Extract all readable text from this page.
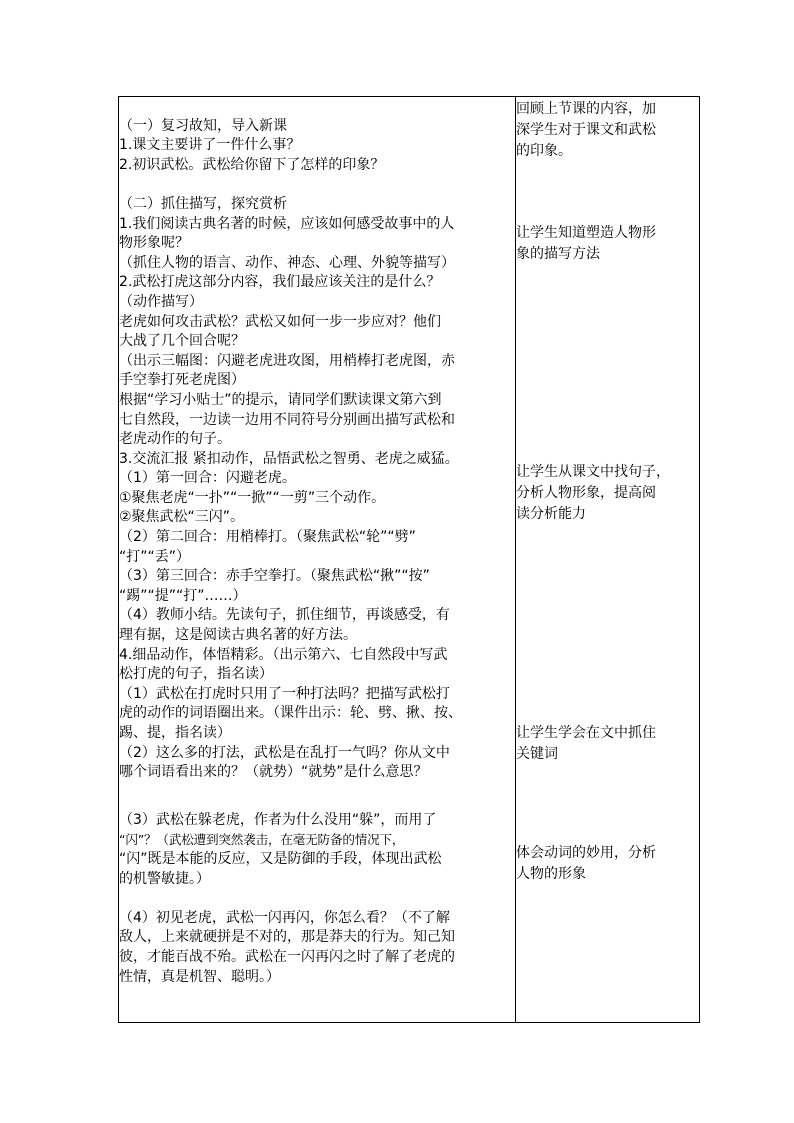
（一）复习故知，导入新课
1.课文主要讲了一件什么事？
2.初识武松。武松给你留下了怎样的印象？
（二）抓住描写，探究赏析
1.我们阅读古典名著的时候，应该如何感受故事中的人
物形象呢？
（抓住人物的语言、动作、神态、心理、外貌等描写）
2.武松打虎这部分内容，我们最应该关注的是什么？
（动作描写）
老虎如何攻击武松？武松又如何一步一步应对？他们
大战了几个回合呢？
（出示三幅图：闪避老虎进攻图，用梢棒打老虎图，赤
手空拳打死老虎图）
根据“学习小贴士”的提示，请同学们默读课文第六到
七自然段，一边读一边用不同符号分别画出描写武松和
老虎动作的句子。
3.交流汇报 紧扣动作，品悟武松之智勇、老虎之威猛。
（1）第一回合：闪避老虎。
①聚焦老虎“一扑”“一掀”“一剪”三个动作。
②聚焦武松“三闪”。
（2）第二回合：用梢棒打。（聚焦武松“轮”“劈”
“打”“丢”）
（3）第三回合：赤手空拳打。（聚焦武松“揪”“按”
“踢”“提”“打”……）
（4）教师小结。先读句子，抓住细节，再谈感受，有
理有据，这是阅读古典名著的好方法。
4.细品动作，体悟精彩。（出示第六、七自然段中写武
松打虎的句子，指名读）
（1）武松在打虎时只用了一种打法吗？把描写武松打
虎的动作的词语圈出来。（课件出示：轮、劈、揪、按、
踢、提，指名读）
（2）这么多的打法，武松是在乱打一气吗？你从文中
哪个词语看出来的？（就势）“就势”是什么意思？
（3）武松在躲老虎，作者为什么没用“躲”，而用了
“闪”？（武松遭到突然袭击，在毫无防备的情况下，
“闪”既是本能的反应，又是防御的手段，体现出武松
的机警敏捷。）
（4）初见老虎，武松一闪再闪，你怎么看？（不了解
敌人，上来就硬拼是不对的，那是莽夫的行为。知己知
彼，才能百战不殆。武松在一闪再闪之时了解了老虎的
性情，真是机智、聪明。）

回顾上节课的内容，加
深学生对于课文和武松
的印象。
让学生知道塑造人物形
象的描写方法
让学生从课文中找句子，
分析人物形象，提高阅
读分析能力
让学生学会在文中抓住
关键词
体会动词的妙用，分析
人物的形象
